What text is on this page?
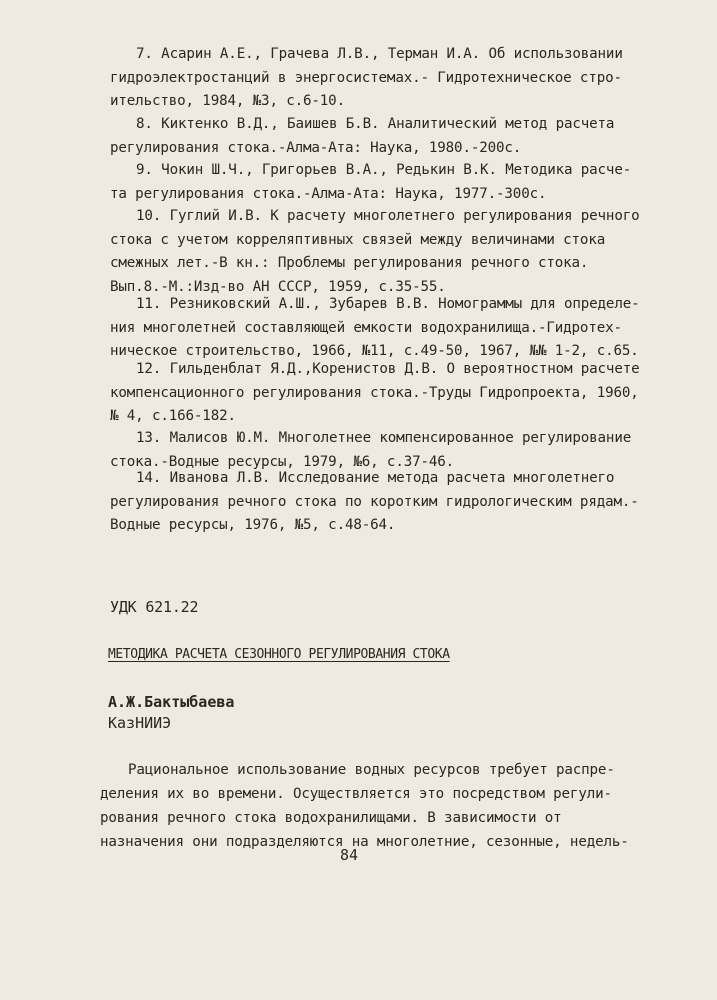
7. Асарин А.Е., Грачева Л.В., Терман И.А. Об использовании
гидроэлектростанций в энергосистемах.- Гидротехническое стро-
ительство, 1984, №3, с.6-10.
8. Киктенко В.Д., Баишев Б.В. Аналитический метод расчета
регулирования стока.-Алма-Ата: Наука, 1980.-200с.
9. Чокин Ш.Ч., Григорьев В.А., Редькин В.К. Методика расче-
та регулирования стока.-Алма-Ата: Наука, 1977.-300с.
10. Гуглий И.В. К расчету многолетнего регулирования речного
стока с учетом корреляптивных связей между величинами стока
смежных лет.-В кн.: Проблемы регулирования речного стока.
Вып.8.-М.:Изд-во АН СССР, 1959, с.35-55.
11. Резниковский А.Ш., Зубарев В.В. Номограммы для определе-
ния многолетней составляющей емкости водохранилища.-Гидротех-
ническое строительство, 1966, №11, с.49-50, 1967, №№ 1-2, с.65.
12. Гильденблат Я.Д.,Коренистов Д.В. О вероятностном расчете
компенсационного регулирования стока.-Труды Гидропроекта, 1960,
№ 4, с.166-182.
13. Малисов Ю.М. Многолетнее компенсированное регулирование
стока.-Водные ресурсы, 1979, №6, с.37-46.
14. Иванова Л.В. Исследование метода расчета многолетнего
регулирования речного стока по коротким гидрологическим рядам.-
Водные ресурсы, 1976, №5, с.48-64.
УДК 621.22
МЕТОДИКА РАСЧЕТА СЕЗОННОГО РЕГУЛИРОВАНИЯ СТОКА
А.Ж.Бактыбаева
КазНИИЭ
Рациональное использование водных ресурсов требует распре-
деления их во времени. Осуществляется это посредством регули-
рования речного стока водохранилищами. В зависимости от
назначения они подразделяются на многолетние, сезонные, недель-
84
